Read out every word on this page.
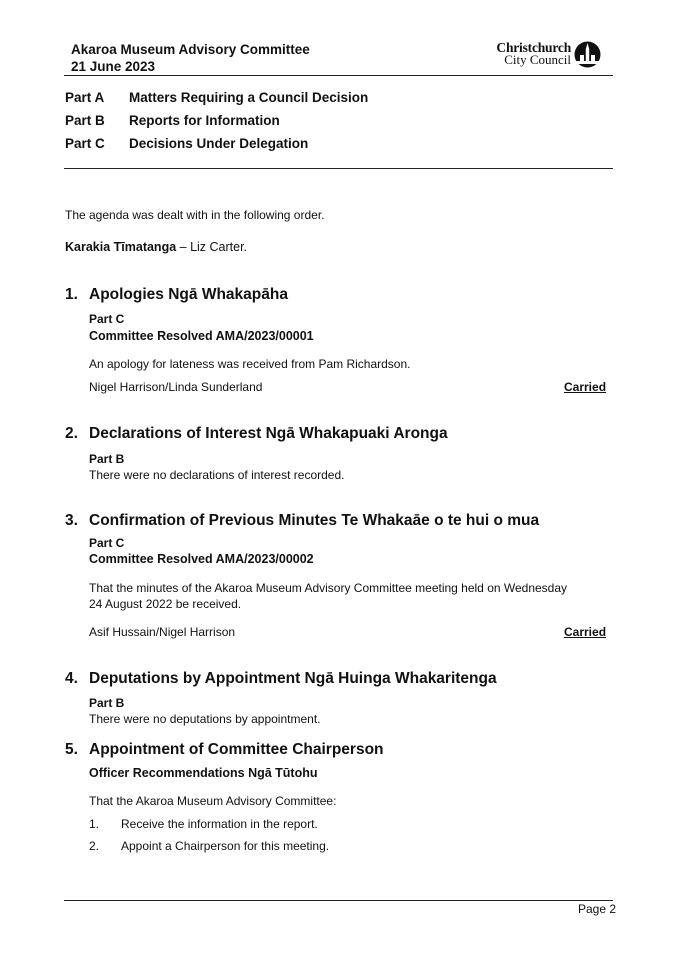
Akaroa Museum Advisory Committee
21 June 2023
Christchurch
City Council
Part A Matters Requiring a Council Decision
Part B Reports for Information
Part C Decisions Under Delegation
The agenda was dealt with in the following order.
Karakia Tīmatanga – Liz Carter.
1. Apologies Ngā Whakapāha
Part C
Committee Resolved AMA/2023/00001
An apology for lateness was received from Pam Richardson.
Nigel Harrison/Linda Sunderland	Carried
2. Declarations of Interest Ngā Whakapuaki Aronga
Part B
There were no declarations of interest recorded.
3. Confirmation of Previous Minutes Te Whakaāe o te hui o mua
Part C
Committee Resolved AMA/2023/00002
That the minutes of the Akaroa Museum Advisory Committee meeting held on Wednesday
24 August 2022 be received.
Asif Hussain/Nigel Harrison	Carried
4. Deputations by Appointment Ngā Huinga Whakaritenga
Part B
There were no deputations by appointment.
5. Appointment of Committee Chairperson
Officer Recommendations Ngā Tūtohu
That the Akaroa Museum Advisory Committee:
1. Receive the information in the report.
2. Appoint a Chairperson for this meeting.
Page 2
